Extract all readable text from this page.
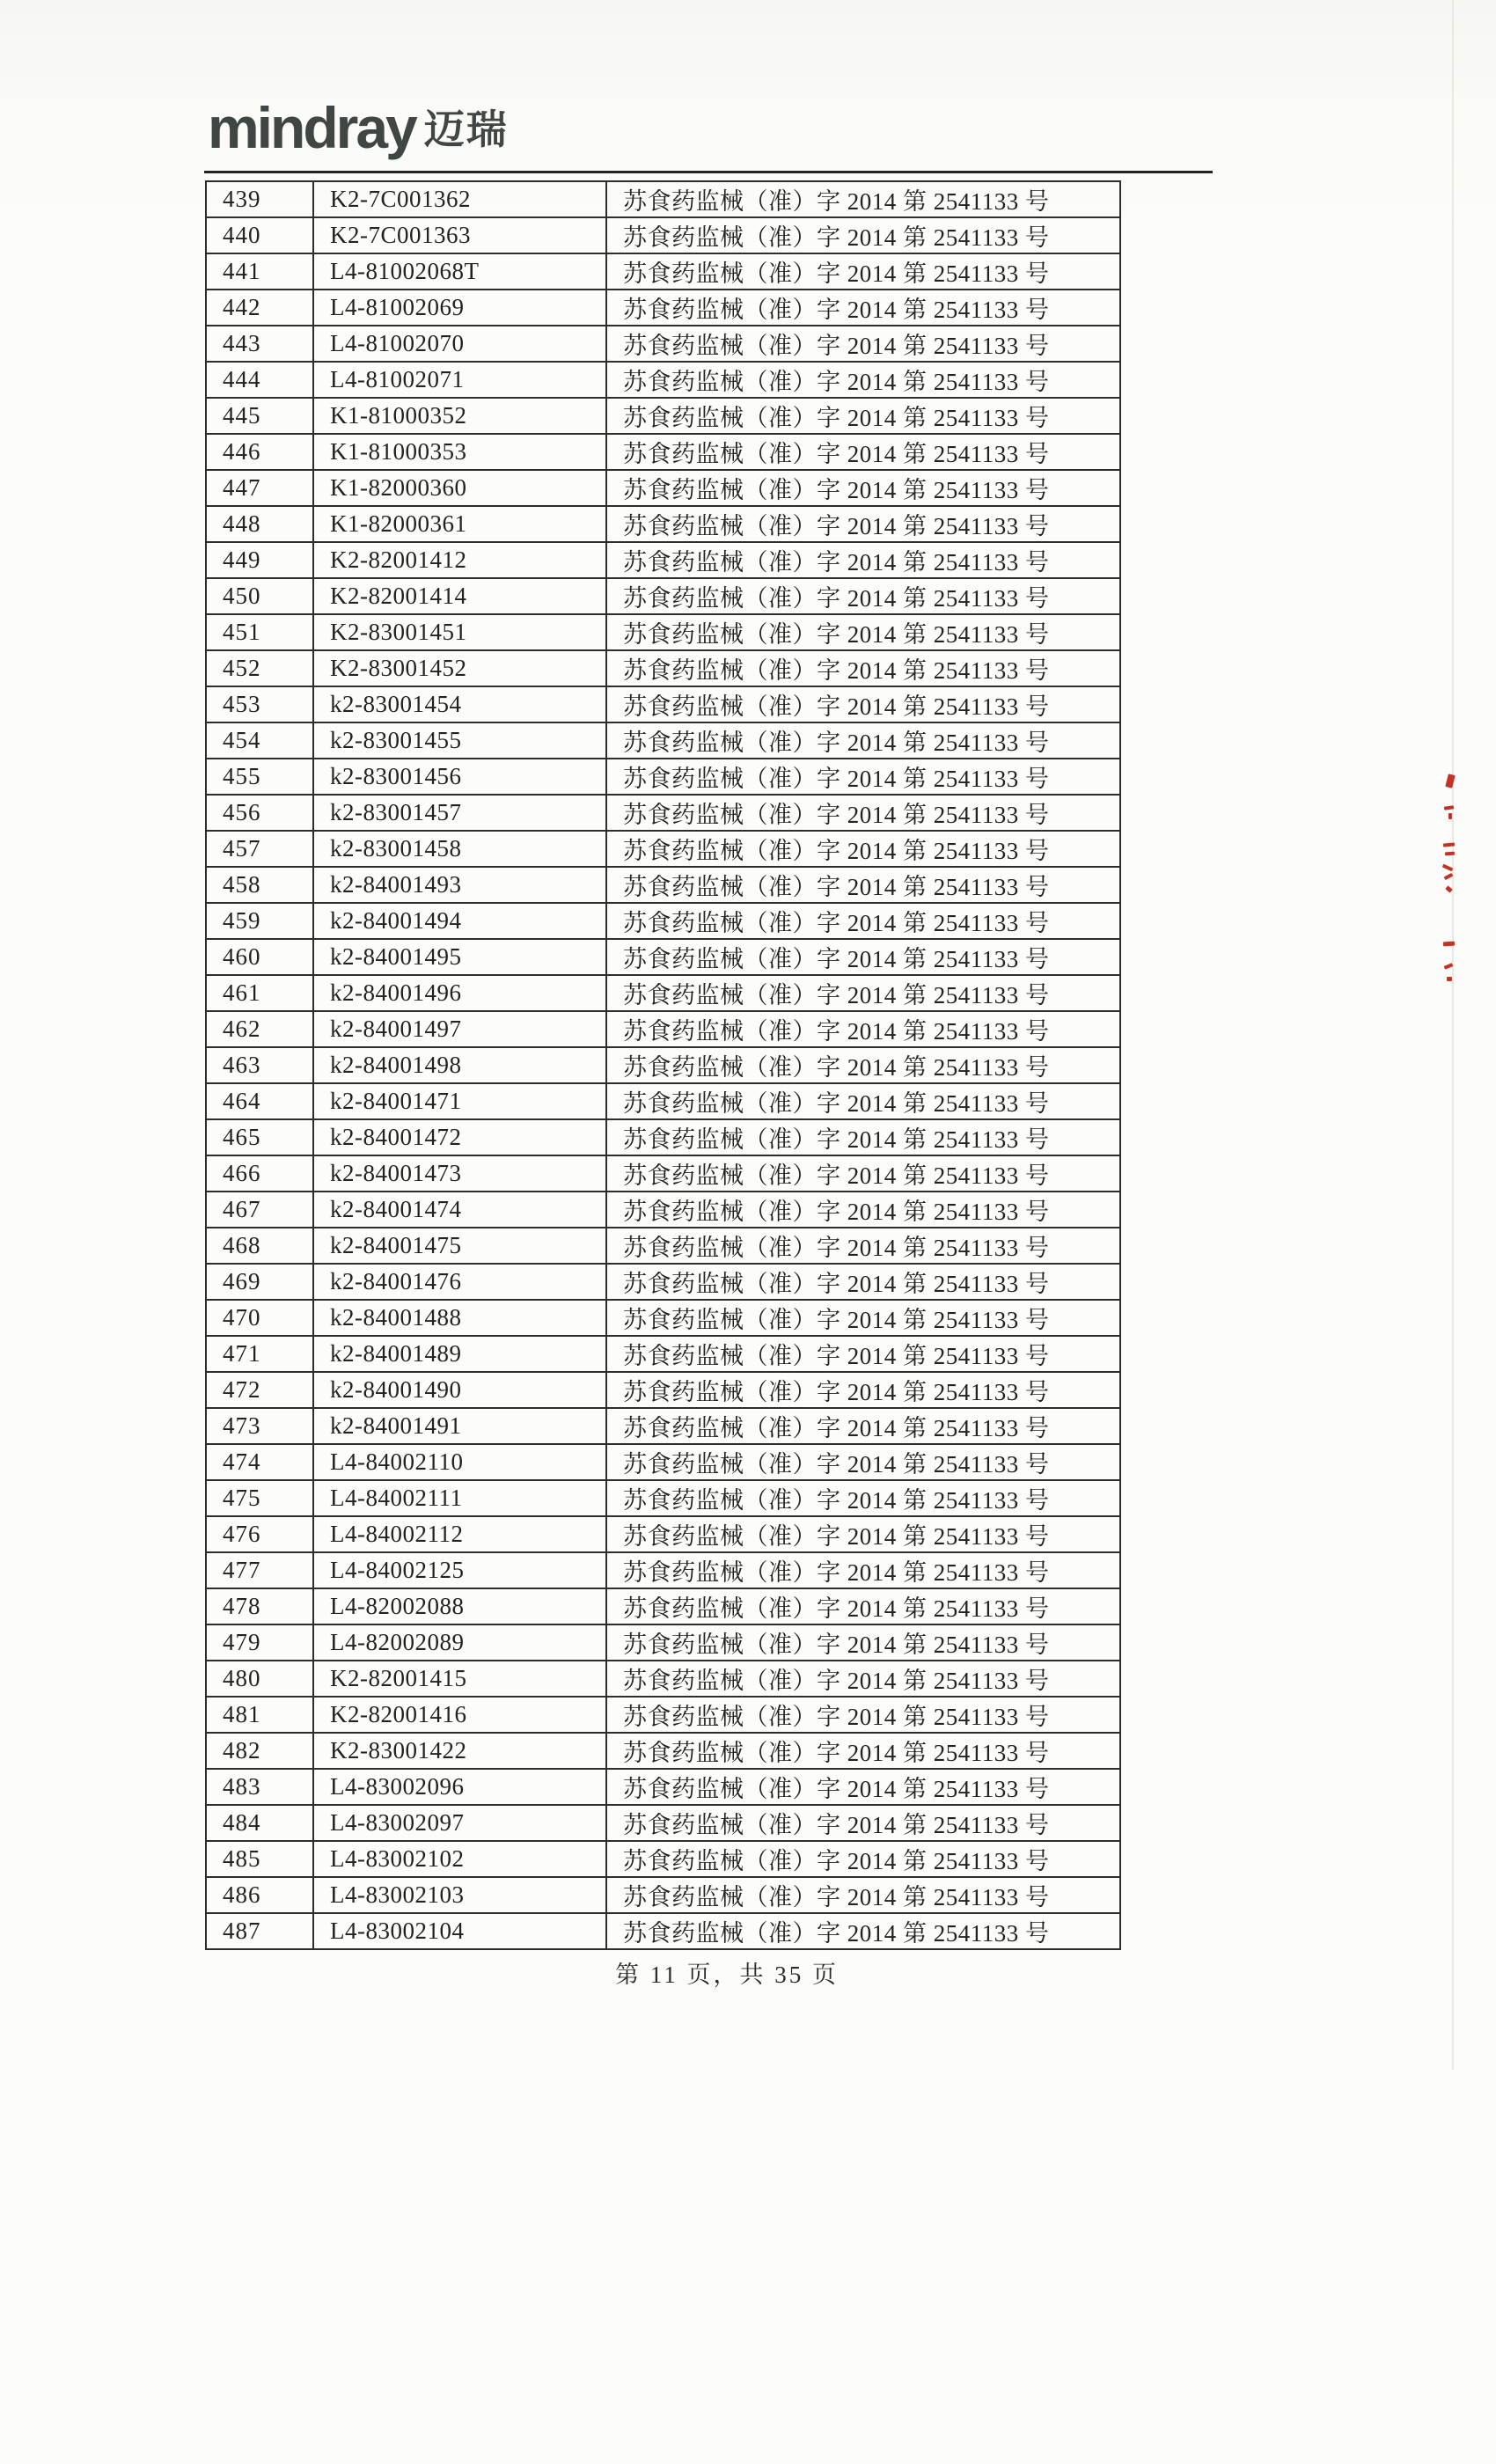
mindray 迈瑞
439	K2-7C001362	苏食药监械（准）字 2014 第 2541133 号
440	K2-7C001363	苏食药监械（准）字 2014 第 2541133 号
441	L4-81002068T	苏食药监械（准）字 2014 第 2541133 号
442	L4-81002069	苏食药监械（准）字 2014 第 2541133 号
443	L4-81002070	苏食药监械（准）字 2014 第 2541133 号
444	L4-81002071	苏食药监械（准）字 2014 第 2541133 号
445	K1-81000352	苏食药监械（准）字 2014 第 2541133 号
446	K1-81000353	苏食药监械（准）字 2014 第 2541133 号
447	K1-82000360	苏食药监械（准）字 2014 第 2541133 号
448	K1-82000361	苏食药监械（准）字 2014 第 2541133 号
449	K2-82001412	苏食药监械（准）字 2014 第 2541133 号
450	K2-82001414	苏食药监械（准）字 2014 第 2541133 号
451	K2-83001451	苏食药监械（准）字 2014 第 2541133 号
452	K2-83001452	苏食药监械（准）字 2014 第 2541133 号
453	k2-83001454	苏食药监械（准）字 2014 第 2541133 号
454	k2-83001455	苏食药监械（准）字 2014 第 2541133 号
455	k2-83001456	苏食药监械（准）字 2014 第 2541133 号
456	k2-83001457	苏食药监械（准）字 2014 第 2541133 号
457	k2-83001458	苏食药监械（准）字 2014 第 2541133 号
458	k2-84001493	苏食药监械（准）字 2014 第 2541133 号
459	k2-84001494	苏食药监械（准）字 2014 第 2541133 号
460	k2-84001495	苏食药监械（准）字 2014 第 2541133 号
461	k2-84001496	苏食药监械（准）字 2014 第 2541133 号
462	k2-84001497	苏食药监械（准）字 2014 第 2541133 号
463	k2-84001498	苏食药监械（准）字 2014 第 2541133 号
464	k2-84001471	苏食药监械（准）字 2014 第 2541133 号
465	k2-84001472	苏食药监械（准）字 2014 第 2541133 号
466	k2-84001473	苏食药监械（准）字 2014 第 2541133 号
467	k2-84001474	苏食药监械（准）字 2014 第 2541133 号
468	k2-84001475	苏食药监械（准）字 2014 第 2541133 号
469	k2-84001476	苏食药监械（准）字 2014 第 2541133 号
470	k2-84001488	苏食药监械（准）字 2014 第 2541133 号
471	k2-84001489	苏食药监械（准）字 2014 第 2541133 号
472	k2-84001490	苏食药监械（准）字 2014 第 2541133 号
473	k2-84001491	苏食药监械（准）字 2014 第 2541133 号
474	L4-84002110	苏食药监械（准）字 2014 第 2541133 号
475	L4-84002111	苏食药监械（准）字 2014 第 2541133 号
476	L4-84002112	苏食药监械（准）字 2014 第 2541133 号
477	L4-84002125	苏食药监械（准）字 2014 第 2541133 号
478	L4-82002088	苏食药监械（准）字 2014 第 2541133 号
479	L4-82002089	苏食药监械（准）字 2014 第 2541133 号
480	K2-82001415	苏食药监械（准）字 2014 第 2541133 号
481	K2-82001416	苏食药监械（准）字 2014 第 2541133 号
482	K2-83001422	苏食药监械（准）字 2014 第 2541133 号
483	L4-83002096	苏食药监械（准）字 2014 第 2541133 号
484	L4-83002097	苏食药监械（准）字 2014 第 2541133 号
485	L4-83002102	苏食药监械（准）字 2014 第 2541133 号
486	L4-83002103	苏食药监械（准）字 2014 第 2541133 号
487	L4-83002104	苏食药监械（准）字 2014 第 2541133 号
第 11 页，共 35 页
